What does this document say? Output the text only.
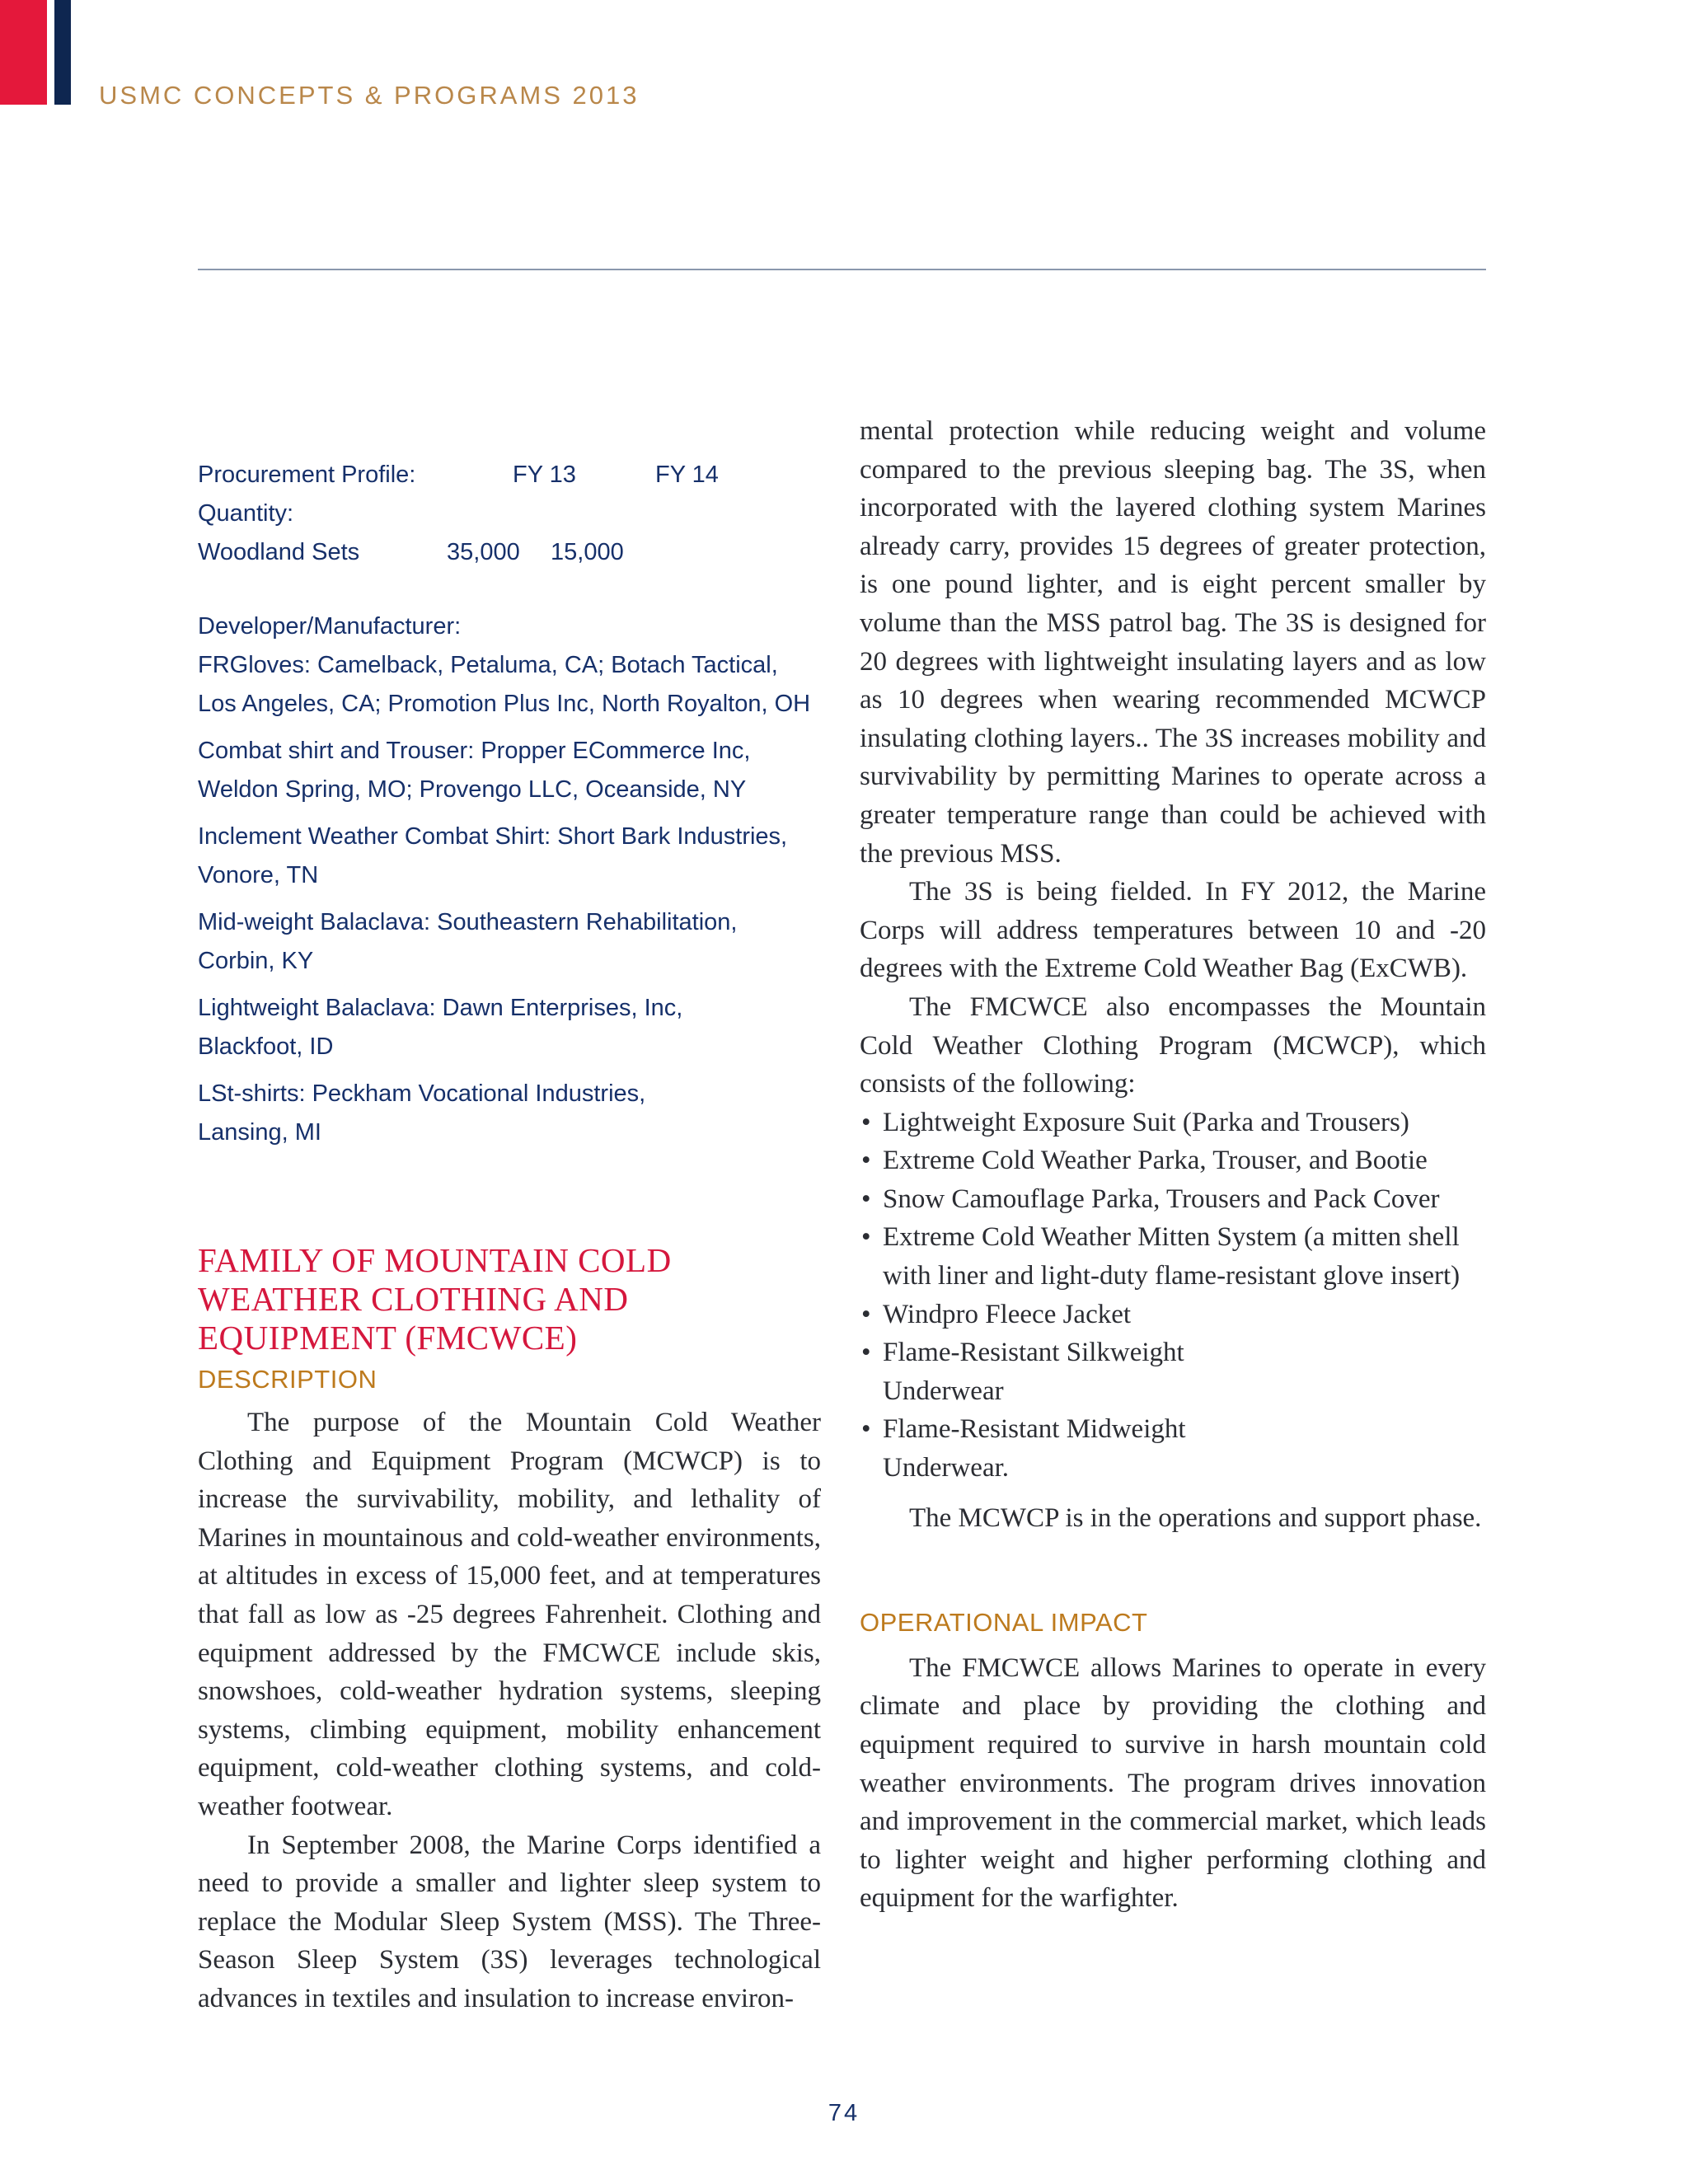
USMC CONCEPTS & PROGRAMS 2013
Procurement Profile:	FY 13	FY 14
Quantity:
Woodland Sets	35,000 15,000

Developer/Manufacturer:

FRGloves: Camelback, Petaluma, CA; Botach Tactical,
Los Angeles, CA; Promotion Plus Inc, North Royalton, OH

Combat shirt and Trouser: Propper ECommerce Inc,
Weldon Spring, MO; Provengo LLC, Oceanside, NY

Inclement Weather Combat Shirt: Short Bark Industries,
Vonore, TN

Mid-weight Balaclava: Southeastern Rehabilitation,
Corbin, KY

Lightweight Balaclava: Dawn Enterprises, Inc,
Blackfoot, ID

LSt-shirts: Peckham Vocational Industries,
Lansing, MI

FAMILY OF MOUNTAIN COLD
WEATHER CLOTHING AND
EQUIPMENT (FMCWCE)
DESCRIPTION

The purpose of the Mountain Cold Weather Clothing and Equipment Program (MCWCP) is to increase the survivability, mobility, and lethality of Marines in mountainous and cold-weather environments, at altitudes in excess of 15,000 feet, and at temperatures that fall as low as -25 degrees Fahrenheit. Clothing and equipment addressed by the FMCWCE include skis, snowshoes, cold-weather hydration systems, sleeping systems, climbing equipment, mobility enhancement equipment, cold-weather clothing systems, and cold-weather footwear.

In September 2008, the Marine Corps identified a need to provide a smaller and lighter sleep system to replace the Modular Sleep System (MSS). The Three-Season Sleep System (3S) leverages technological advances in textiles and insulation to increase environ-

mental protection while reducing weight and volume compared to the previous sleeping bag. The 3S, when incorporated with the layered clothing system Marines already carry, provides 15 degrees of greater protection, is one pound lighter, and is eight percent smaller by volume than the MSS patrol bag. The 3S is designed for 20 degrees with lightweight insulating layers and as low as 10 degrees when wearing recommended MCWCP insulating clothing layers.. The 3S increases mobility and survivability by permitting Marines to operate across a greater temperature range than could be achieved with the previous MSS.

The 3S is being fielded. In FY 2012, the Marine Corps will address temperatures between 10 and -20 degrees with the Extreme Cold Weather Bag (ExCWB).

The FMCWCE also encompasses the Mountain Cold Weather Clothing Program (MCWCP), which consists of the following:

• Lightweight Exposure Suit (Parka and Trousers)
• Extreme Cold Weather Parka, Trouser, and Bootie
• Snow Camouflage Parka, Trousers and Pack Cover
• Extreme Cold Weather Mitten System (a mitten shell with liner and light-duty flame-resistant glove insert)
• Windpro Fleece Jacket
• Flame-Resistant Silkweight Underwear
• Flame-Resistant Midweight Underwear.

The MCWCP is in the operations and support phase.

OPERATIONAL IMPACT

The FMCWCE allows Marines to operate in every climate and place by providing the clothing and equipment required to survive in harsh mountain cold weather environments. The program drives innovation and improvement in the commercial market, which leads to lighter weight and higher performing clothing and equipment for the warfighter.

74
